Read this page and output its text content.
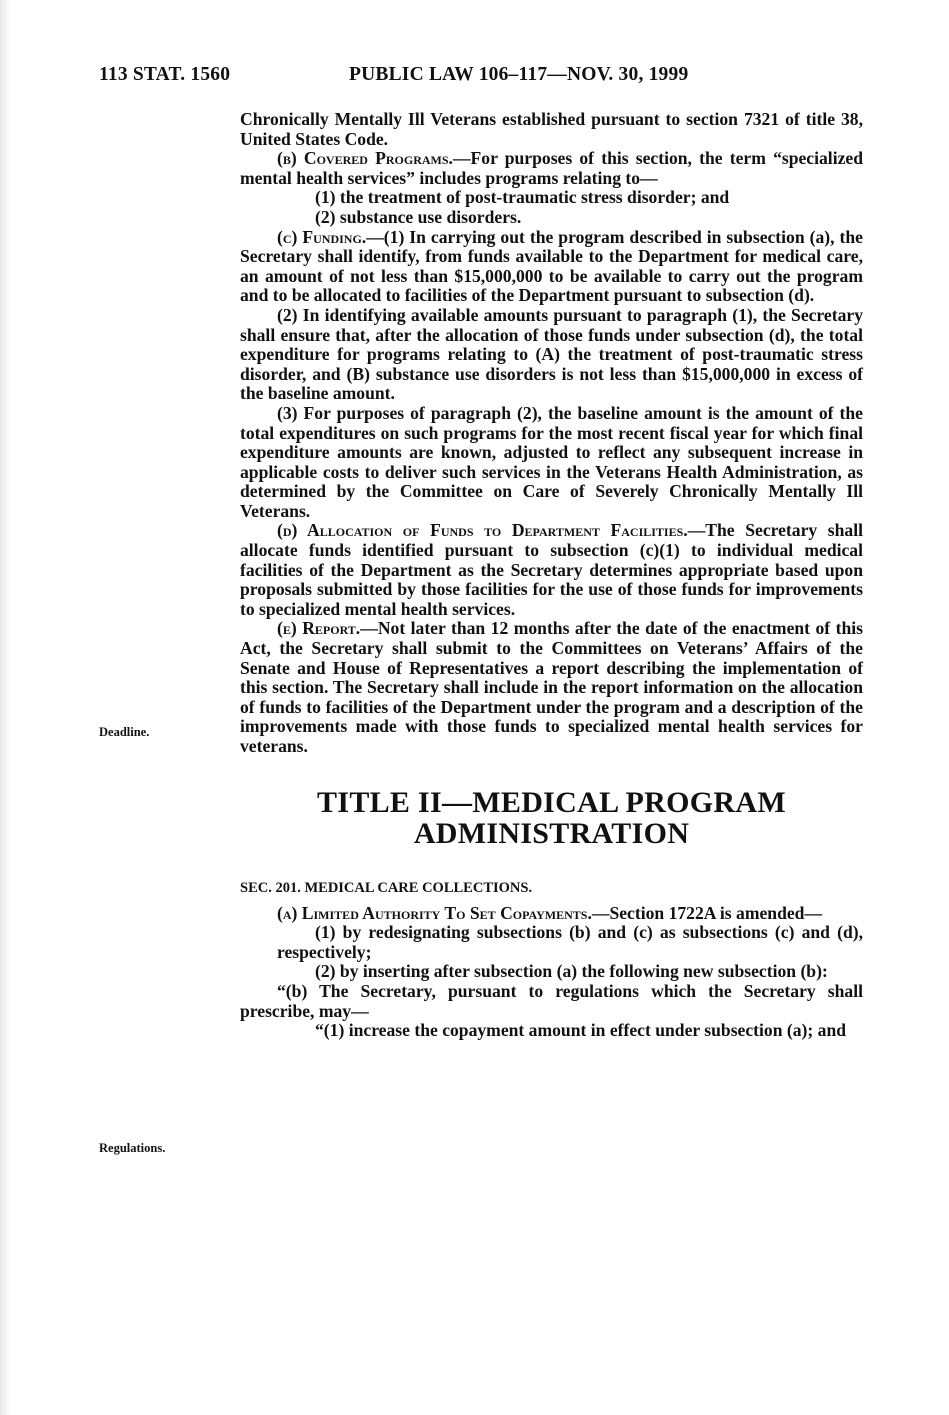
113 STAT. 1560	PUBLIC LAW 106–117—NOV. 30, 1999
Deadline.
Regulations.

Chronically Mentally Ill Veterans established pursuant to section 7321 of title 38, United States Code.

(b) Covered Programs.—For purposes of this section, the term “specialized mental health services” includes programs relating to—

(1) the treatment of post-traumatic stress disorder; and

(2) substance use disorders.

(c) Funding.—(1) In carrying out the program described in subsection (a), the Secretary shall identify, from funds available to the Department for medical care, an amount of not less than $15,000,000 to be available to carry out the program and to be allocated to facilities of the Department pursuant to subsection (d).

(2) In identifying available amounts pursuant to paragraph (1), the Secretary shall ensure that, after the allocation of those funds under subsection (d), the total expenditure for programs relating to (A) the treatment of post-traumatic stress disorder, and (B) substance use disorders is not less than $15,000,000 in excess of the baseline amount.

(3) For purposes of paragraph (2), the baseline amount is the amount of the total expenditures on such programs for the most recent fiscal year for which final expenditure amounts are known, adjusted to reflect any subsequent increase in applicable costs to deliver such services in the Veterans Health Administration, as determined by the Committee on Care of Severely Chronically Mentally Ill Veterans.

(d) Allocation of Funds to Department Facilities.—The Secretary shall allocate funds identified pursuant to subsection (c)(1) to individual medical facilities of the Department as the Secretary determines appropriate based upon proposals submitted by those facilities for the use of those funds for improvements to specialized mental health services.

(e) Report.—Not later than 12 months after the date of the enactment of this Act, the Secretary shall submit to the Committees on Veterans’ Affairs of the Senate and House of Representatives a report describing the implementation of this section. The Secretary shall include in the report information on the allocation of funds to facilities of the Department under the program and a description of the improvements made with those funds to specialized mental health services for veterans.

TITLE II—MEDICAL PROGRAM
ADMINISTRATION
SEC. 201. MEDICAL CARE COLLECTIONS.

(a) Limited Authority To Set Copayments.—Section 1722A is amended—

(1) by redesignating subsections (b) and (c) as subsections (c) and (d), respectively;

(2) by inserting after subsection (a) the following new subsection (b):

“(b) The Secretary, pursuant to regulations which the Secretary shall prescribe, may—

“(1) increase the copayment amount in effect under subsection (a); and
